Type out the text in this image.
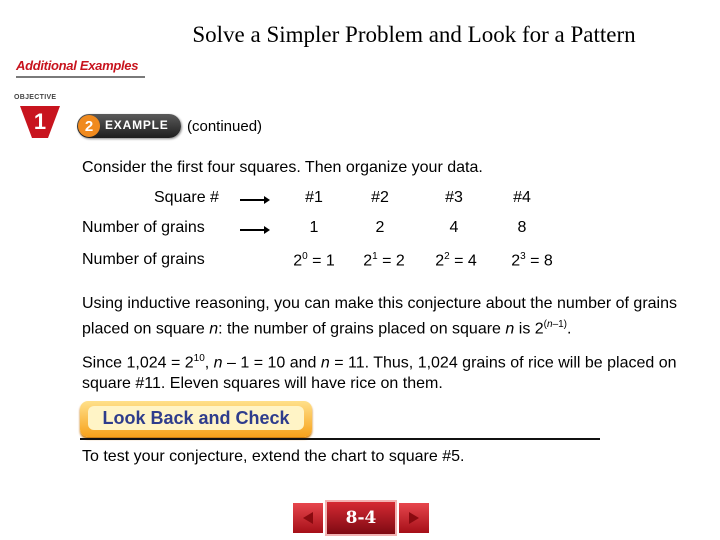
Solve a Simpler Problem and Look for a Pattern
Additional Examples
OBJECTIVE
1	2 EXAMPLE (continued)
Consider the first four squares. Then organize your data.
Square #	#1	#2	#3	#4
Number of grains	1	2	4	8
Number of grains	$2^0 = 1$	$2^1 = 2$	$2^2 = 4$	$2^3 = 8$
Using inductive reasoning, you can make this conjecture about the number of grains placed on square n: the number of grains placed on square n is 2$^{(n-1)}$.
Since $1,024 = 2^{10}$, n – 1 = 10 and n = 11. Thus, 1,024 grains of rice will be placed on square #11. Eleven squares will have rice on them.
Look Back and Check
To test your conjecture, extend the chart to square #5.
8-4
